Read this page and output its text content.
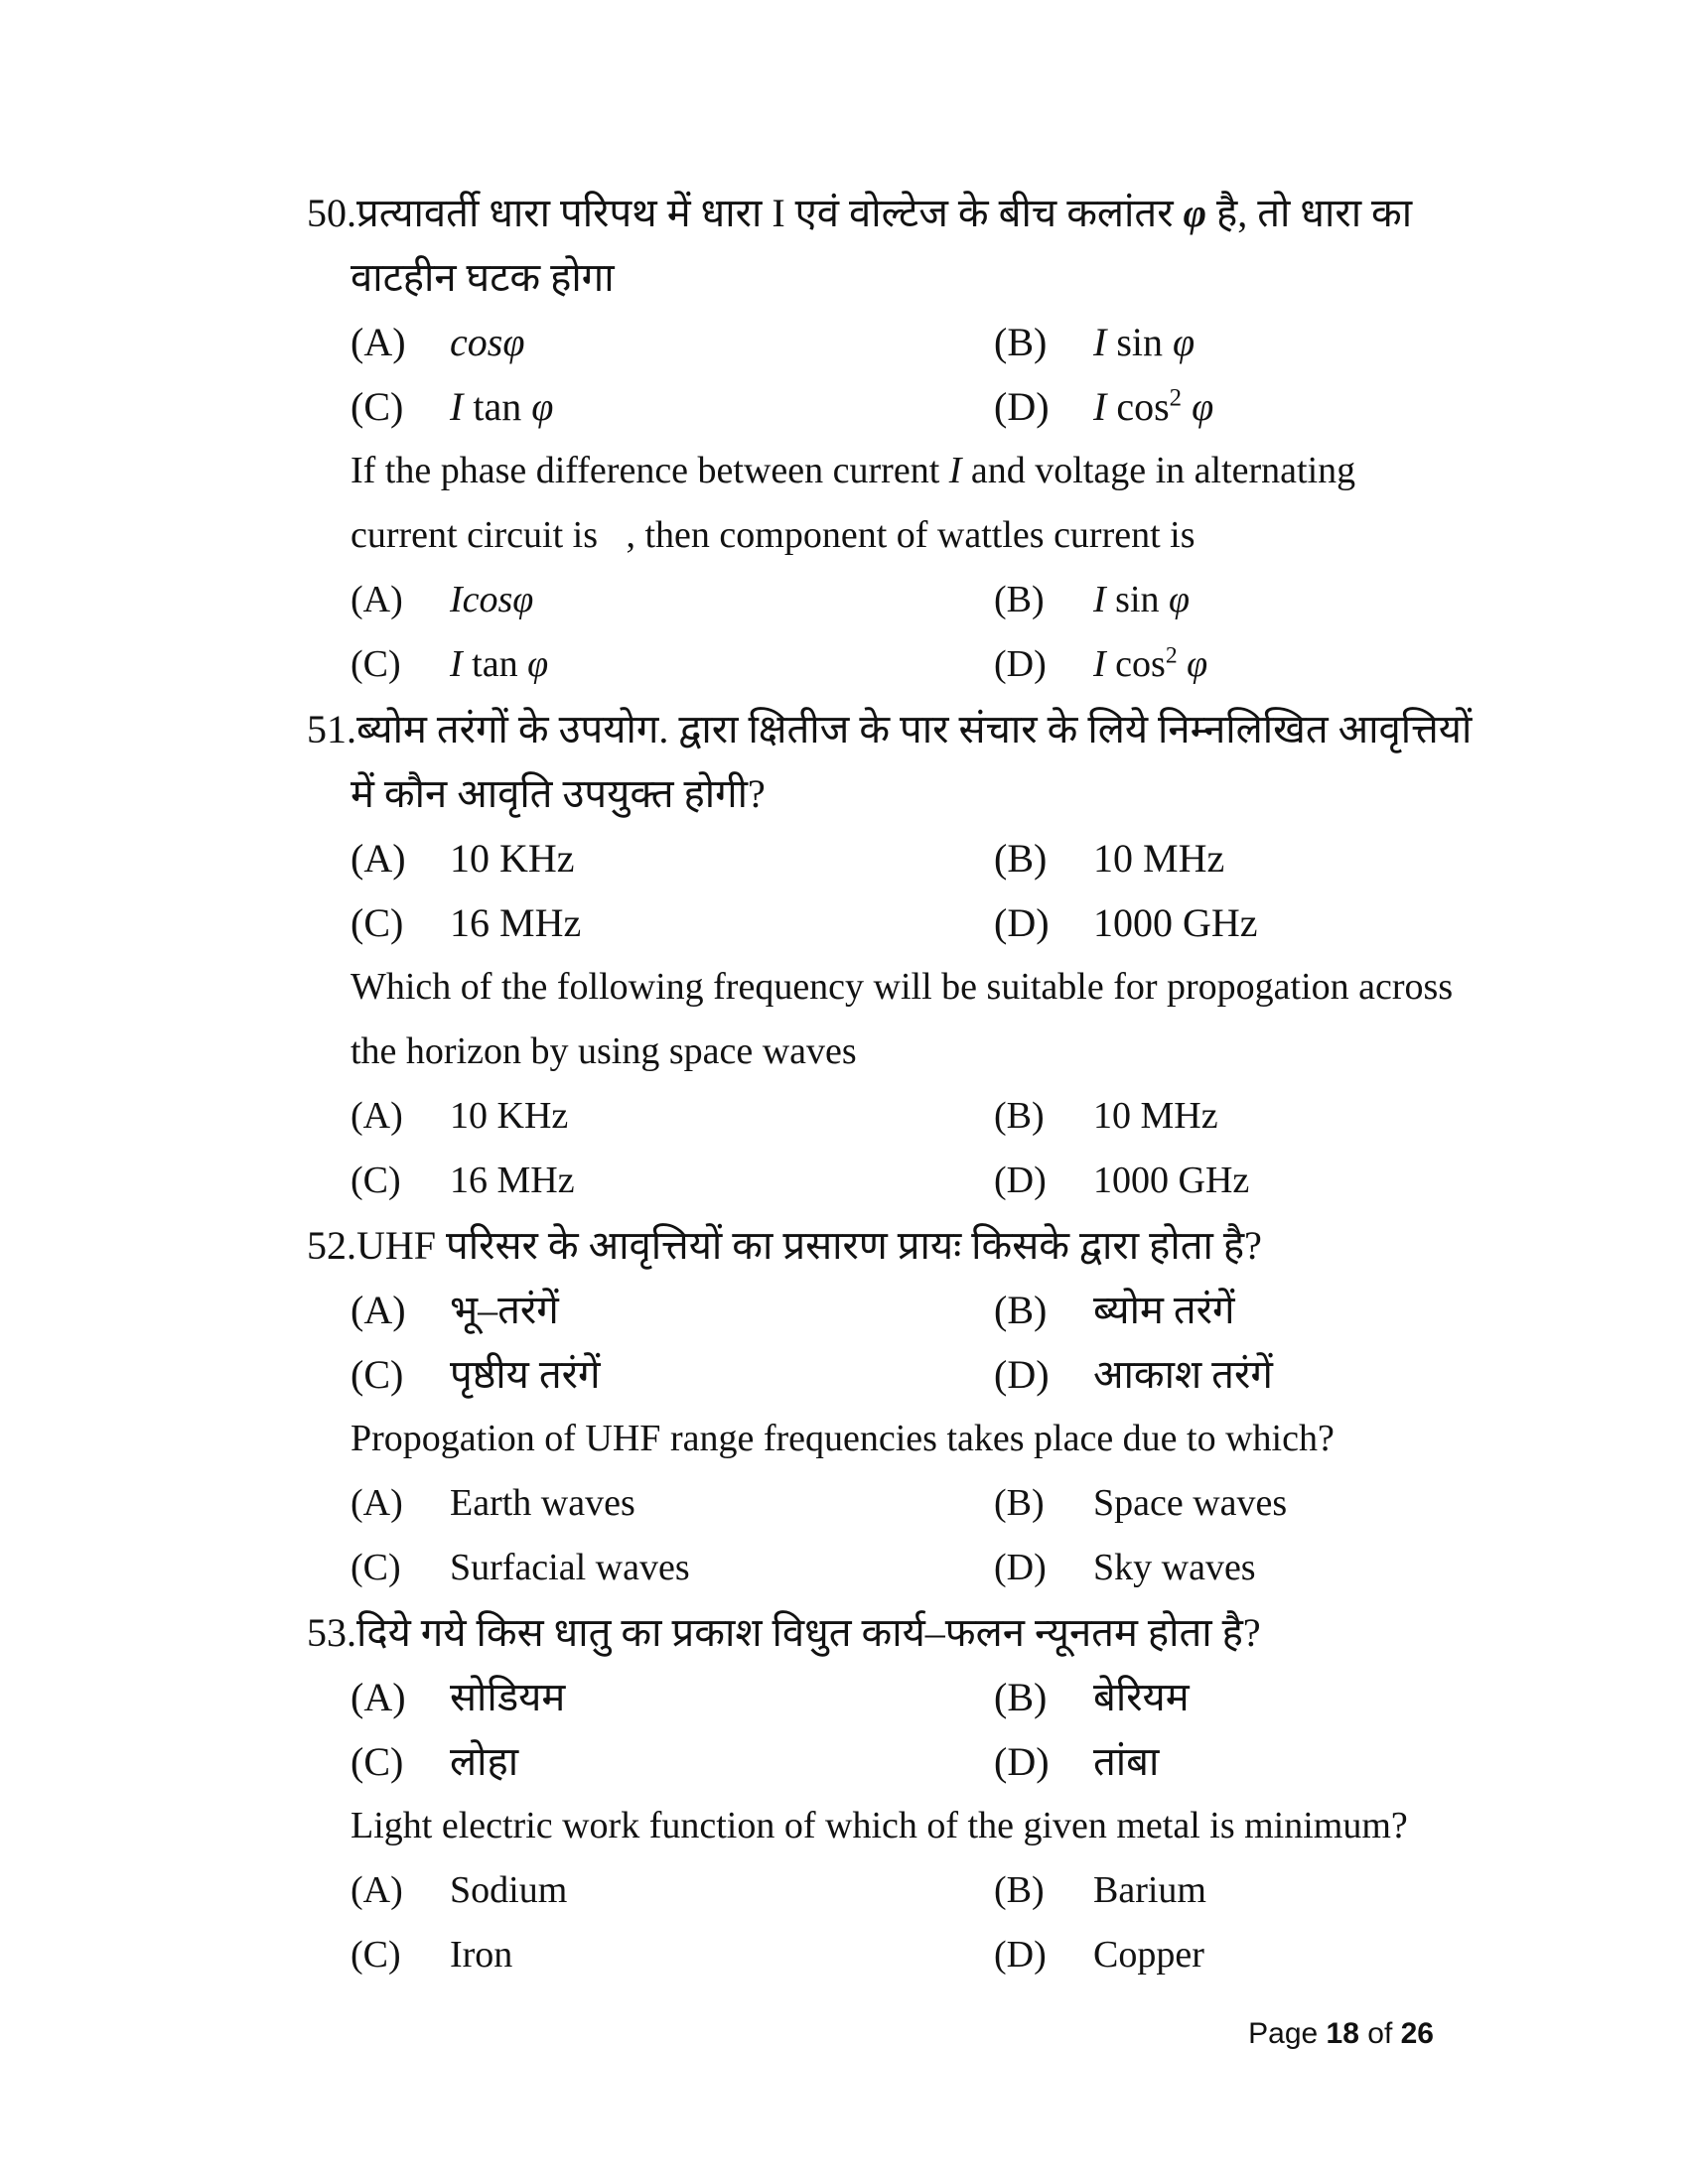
50.प्रत्यावर्ती धारा परिपथ में धारा I एवं वोल्टेज के बीच कलांतर φ है, तो धारा का
वाटहीन घटक होगा
(A) cosφ	(B) I sin φ
(C) I tan φ	(D) I $\cos^2 \varphi$
If the phase difference between current I and voltage in alternating
current circuit is   , then component of wattles current is
(A) Icosφ	(B) I sin φ
(C) I tan φ	(D) I $\cos^2 \varphi$
51.ब्योम तरंगों के उपयोग. द्वारा क्षितीज के पार संचार के लिये निम्नलिखित आवृत्तियों
में कौन आवृति उपयुक्त होगी?
(A) 10 KHz	(B) 10 MHz
(C) 16 MHz	(D) 1000 GHz
Which of the following frequency will be suitable for propogation across
the horizon by using space waves
(A) 10 KHz	(B) 10 MHz
(C) 16 MHz	(D) 1000 GHz
52.UHF परिसर के आवृत्तियों का प्रसारण प्रायः किसके द्वारा होता है?
(A) भू–तरंगें	(B) ब्योम तरंगें
(C) पृष्ठीय तरंगें	(D) आकाश तरंगें
Propogation of UHF range frequencies takes place due to which?
(A) Earth waves	(B) Space waves
(C) Surfacial waves	(D) Sky waves
53.दिये गये किस धातु का प्रकाश विधुत कार्य–फलन न्यूनतम होता है?
(A) सोडियम	(B) बेरियम
(C) लोहा	(D) तांबा
Light electric work function of which of the given metal is minimum?
(A) Sodium	(B) Barium
(C) Iron	(D) Copper
Page 18 of 26
